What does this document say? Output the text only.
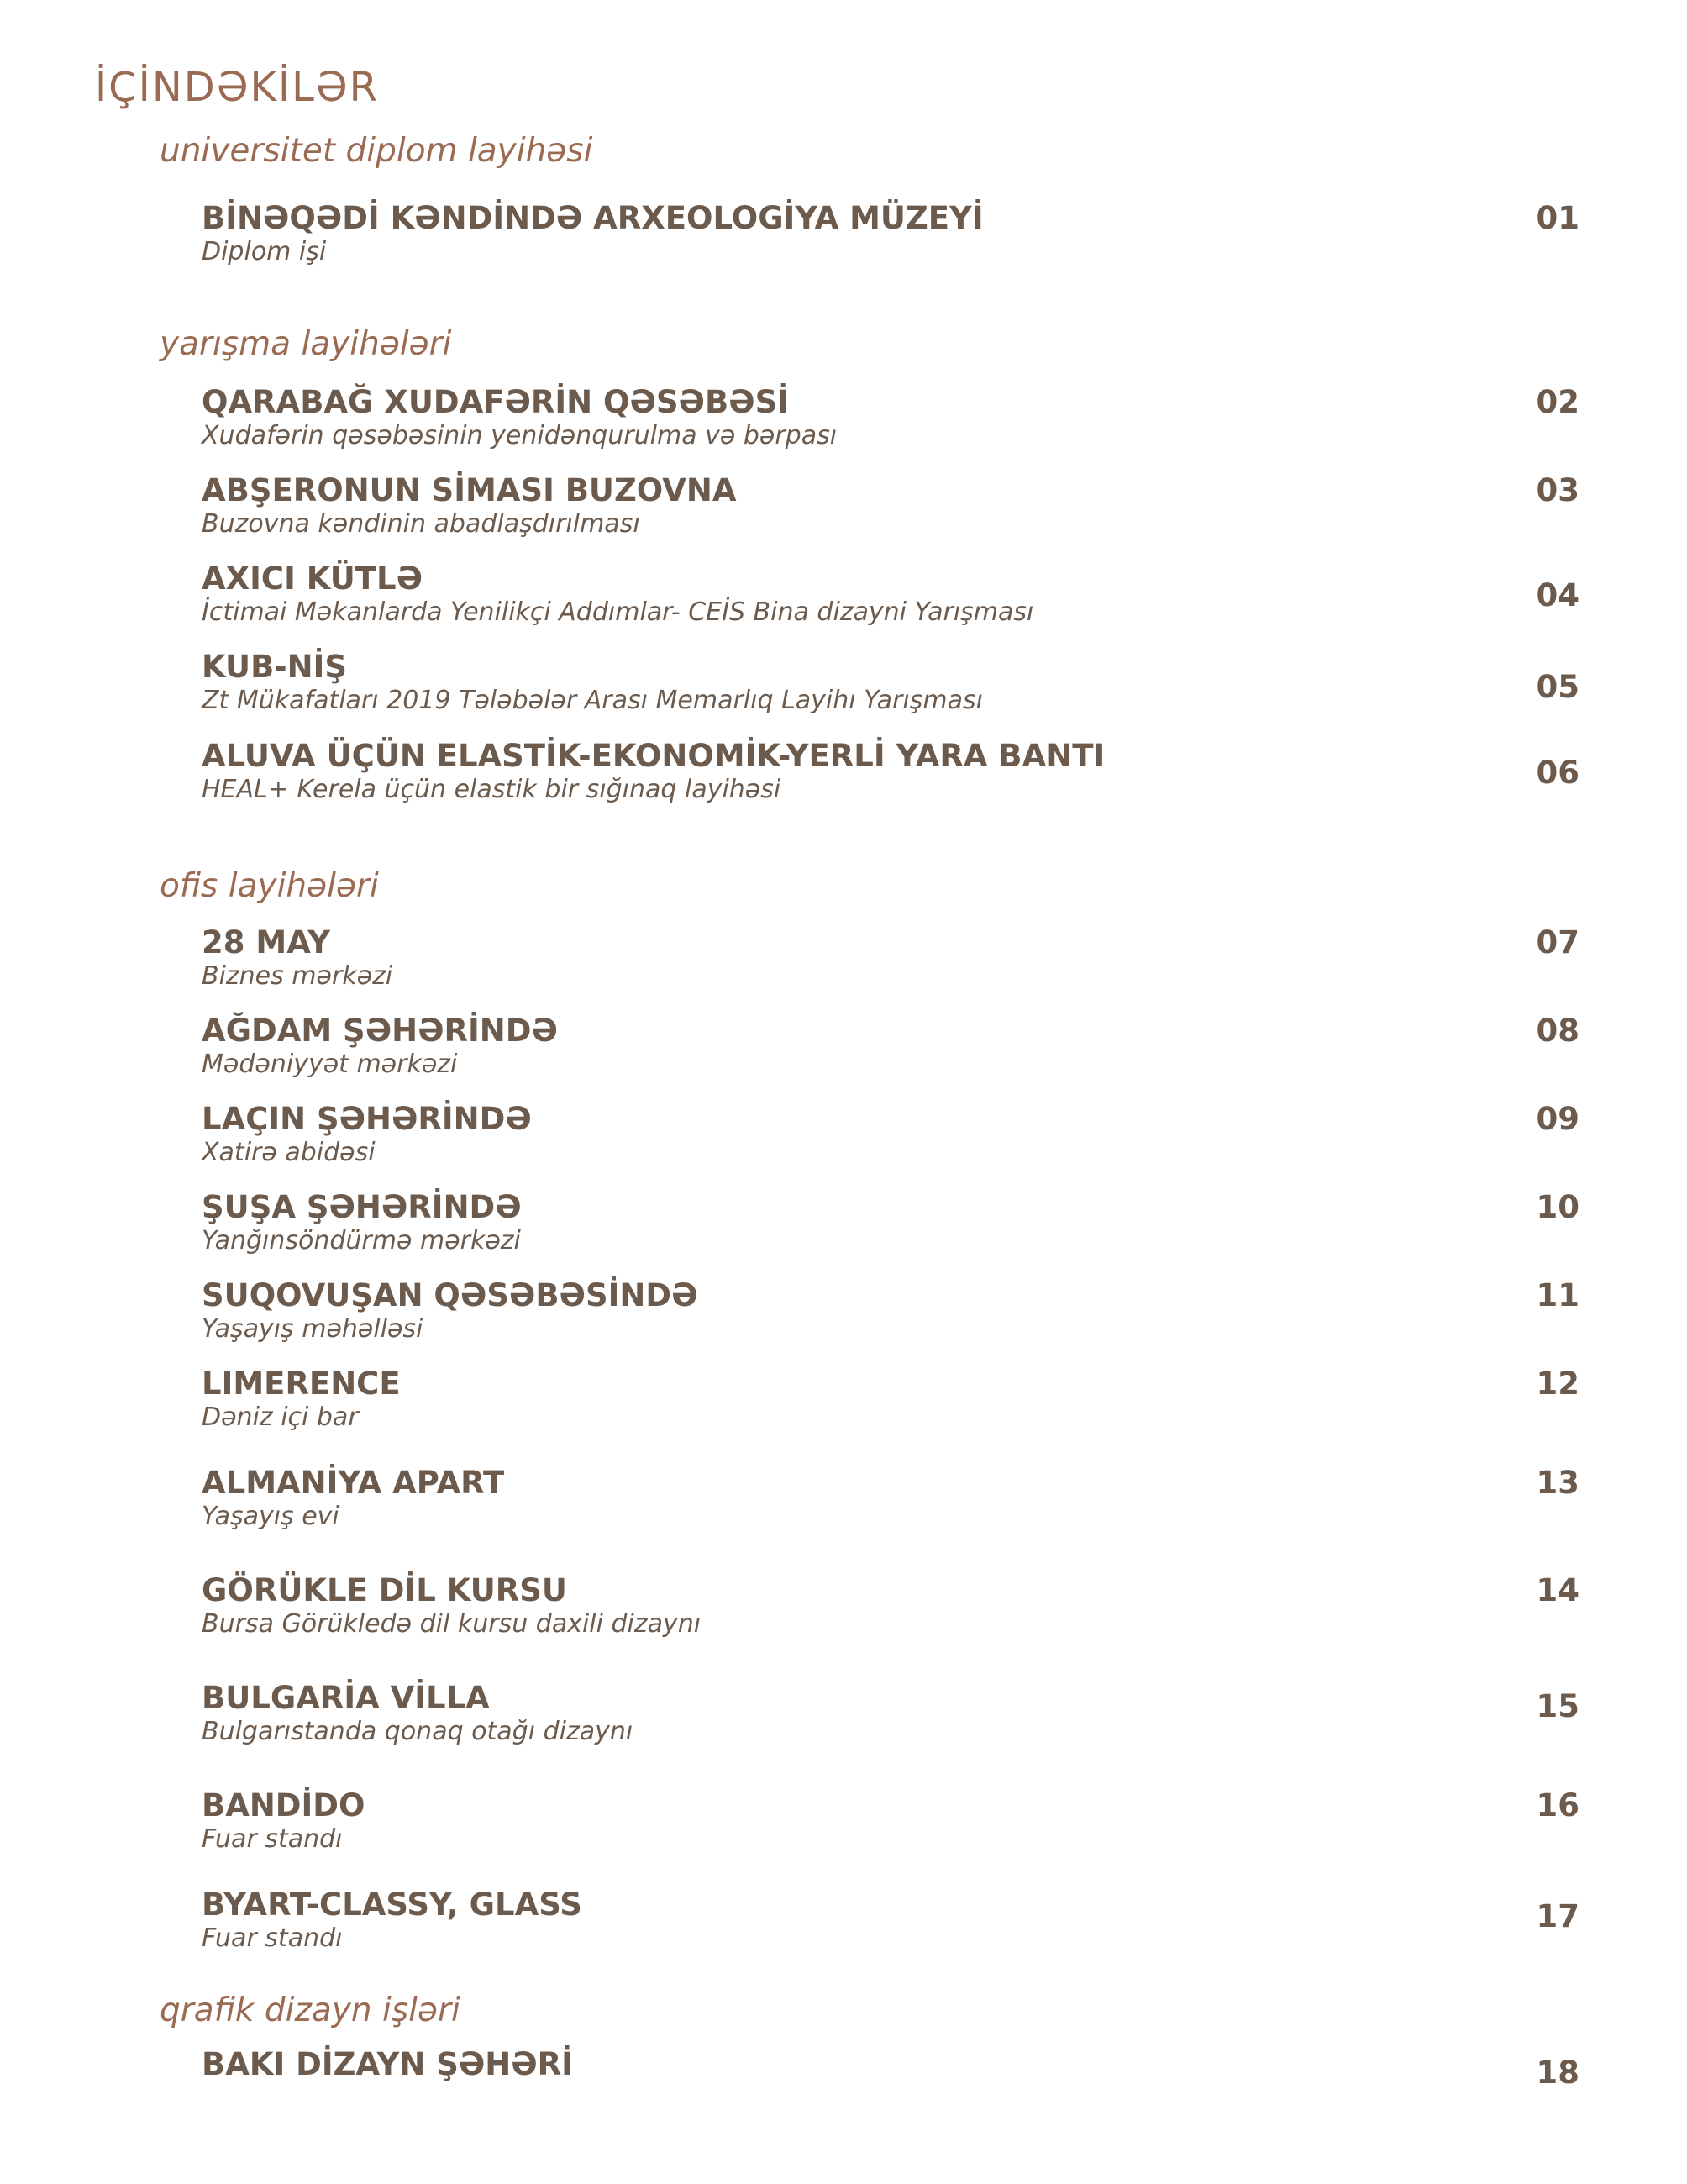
İÇİNDƏKİLƏR
universitet diplom layihəsi
BİNƏQƏDİ KƏNDİNDƏ ARXEOLOGİYA MÜZEYİ
Diplom işi
01
yarışma layihələri
QARABAĞ XUDAFƏRİN QƏSƏBƏSİ
Xudafərin qəsəbəsinin yenidənqurulma və bərpası
02
ABŞERONUN SİMASI BUZOVNA
Buzovna kəndinin abadlaşdırılması
03
AXICI KÜTLƏ
İctimai Məkanlarda Yenilikçi Addımlar- CEİS Bina dizayni Yarışması	04
KUB-NİŞ
Zt Mükafatları 2019 Tələbələr Arası Memarlıq Layihı Yarışması	05
ALUVA ÜÇÜN ELASTİK-EKONOMİK-YERLİ YARA BANTI
HEAL+ Kerela üçün elastik bir sığınaq layihəsi	06
ofis layihələri
28 MAY
Biznes mərkəzi
07
AĞDAM ŞƏHƏRİNDƏ
Mədəniyyət mərkəzi
08
LAÇIN ŞƏHƏRİNDƏ
Xatirə abidəsi
09
ŞUŞA ŞƏHƏRİNDƏ
Yanğınsöndürmə mərkəzi
10
SUQOVUŞAN QƏSƏBƏSİNDƏ
Yaşayış məhəlləsi
11
LIMERENCE
Dəniz içi bar
12
ALMANİYA APART
Yaşayış evi
13
GÖRÜKLE DİL KURSU
Bursa Görükledə dil kursu daxili dizaynı
14
BULGARİA VİLLA
Bulgarıstanda qonaq otağı dizaynı
15
BANDİDO
Fuar standı
16
BYART-CLASSY, GLASS
Fuar standı
17
qrafik dizayn işləri
BAKI DİZAYN ŞƏHƏRİ	18
